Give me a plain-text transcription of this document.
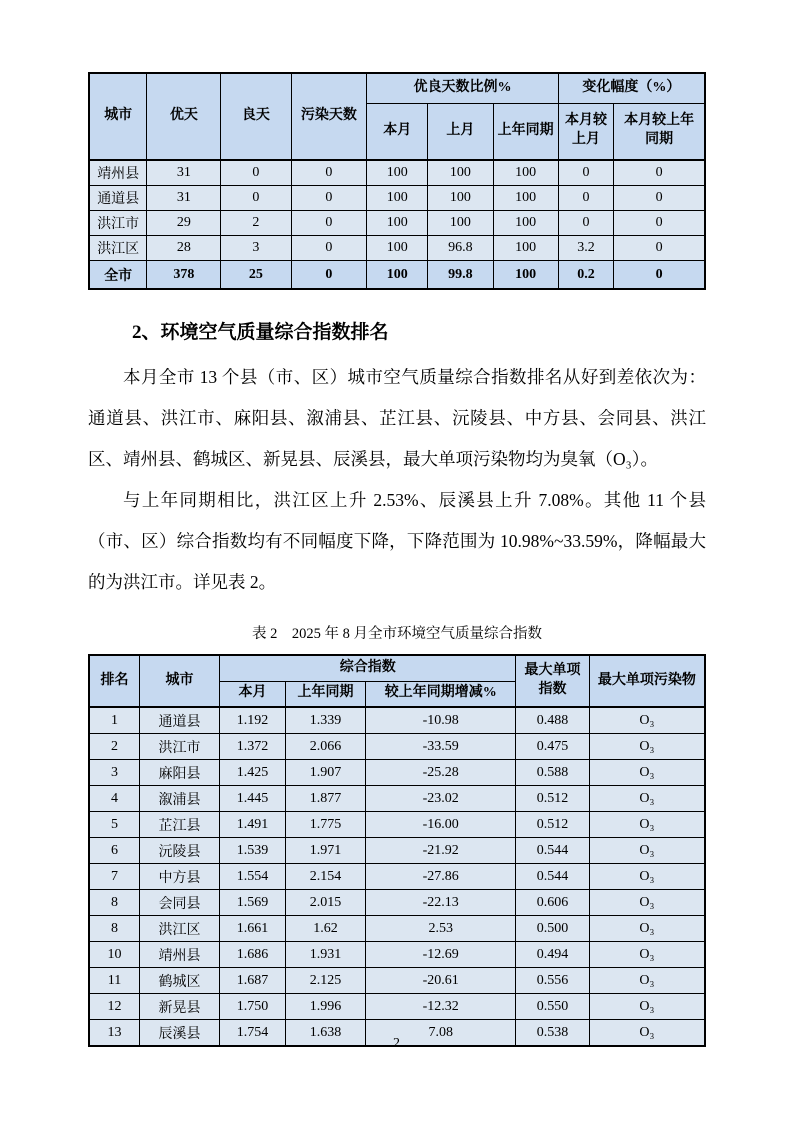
城市	优天	良天	污染天数	优良天数比例%			变化幅度（%）	
				本月	上月	上年同期	本月较上月	本月较上年同期
靖州县	31	0	0	100	100	100	0	0
通道县	31	0	0	100	100	100	0	0
洪江市	29	2	0	100	100	100	0	0
洪江区	28	3	0	100	96.8	100	3.2	0
全市	378	25	0	100	99.8	100	0.2	0
2、环境空气质量综合指数排名

本月全市 13 个县（市、区）城市空气质量综合指数排名从好到差依次为：通道县、洪江市、麻阳县、溆浦县、芷江县、沅陵县、中方县、会同县、洪江区、靖州县、鹤城区、新晃县、辰溪县，最大单项污染物均为臭氧（O₃）。

与上年同期相比，洪江区上升 2.53%、辰溪县上升 7.08%。其他 11 个县（市、区）综合指数均有不同幅度下降，下降范围为 10.98%~33.59%，降幅最大的为洪江市。详见表 2。

表 2　2025 年 8 月全市环境空气质量综合指数
排名	城市	综合指数			最大单项指数	最大单项污染物
		本月	上年同期	较上年同期增减%		
1	通道县	1.192	1.339	-10.98	0.488	O₃
2	洪江市	1.372	2.066	-33.59	0.475	O₃
3	麻阳县	1.425	1.907	-25.28	0.588	O₃
4	溆浦县	1.445	1.877	-23.02	0.512	O₃
5	芷江县	1.491	1.775	-16.00	0.512	O₃
6	沅陵县	1.539	1.971	-21.92	0.544	O₃
7	中方县	1.554	2.154	-27.86	0.544	O₃
8	会同县	1.569	2.015	-22.13	0.606	O₃
8	洪江区	1.661	1.62	2.53	0.500	O₃
10	靖州县	1.686	1.931	-12.69	0.494	O₃
11	鹤城区	1.687	2.125	-20.61	0.556	O₃
12	新晃县	1.750	1.996	-12.32	0.550	O₃
13	辰溪县	1.754	1.638	7.08	0.538	O₃
2
